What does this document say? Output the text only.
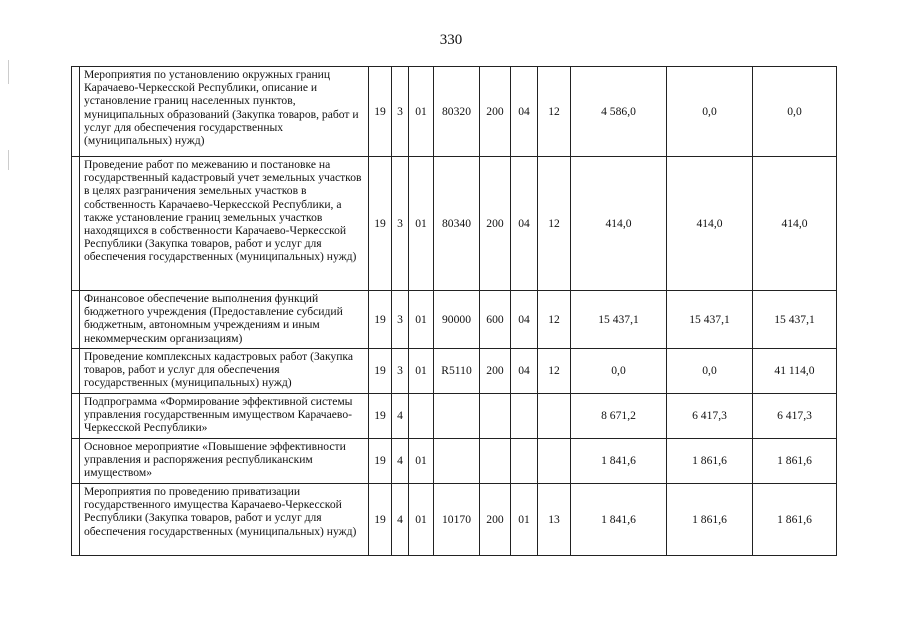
330
	Мероприятия по установлению окружных границ Карачаево-Черкесской Республики, описание и установление границ населенных пунктов, муниципальных образований (Закупка товаров, работ и услуг для обеспечения государственных (муниципальных) нужд)	19	3	01	80320	200	04	12	4 586,0	0,0	0,0
	Проведение работ по межеванию и постановке на государственный кадастровый учет земельных участков в целях разграничения земельных участков в собственность Карачаево-Черкесской Республики, а также установление границ земельных участков находящихся в собственности Карачаево-Черкесской Республики (Закупка товаров, работ и услуг для обеспечения государственных (муниципальных) нужд)	19	3	01	80340	200	04	12	414,0	414,0	414,0
	Финансовое обеспечение выполнения функций бюджетного учреждения (Предоставление субсидий бюджетным, автономным учреждениям и иным некоммерческим организациям)	19	3	01	90000	600	04	12	15 437,1	15 437,1	15 437,1
	Проведение комплексных кадастровых работ (Закупка товаров, работ и услуг для обеспечения государственных (муниципальных) нужд)	19	3	01	R5110	200	04	12	0,0	0,0	41 114,0
	Подпрограмма «Формирование эффективной системы управления государственным имуществом Карачаево-Черкесской Республики»	19	4						8 671,2	6 417,3	6 417,3
	Основное мероприятие «Повышение эффективности управления и распоряжения республиканским имуществом»	19	4	01					1 841,6	1 861,6	1 861,6
	Мероприятия по проведению приватизации государственного имущества Карачаево-Черкесской Республики (Закупка товаров, работ и услуг для обеспечения государственных (муниципальных) нужд)	19	4	01	10170	200	01	13	1 841,6	1 861,6	1 861,6
